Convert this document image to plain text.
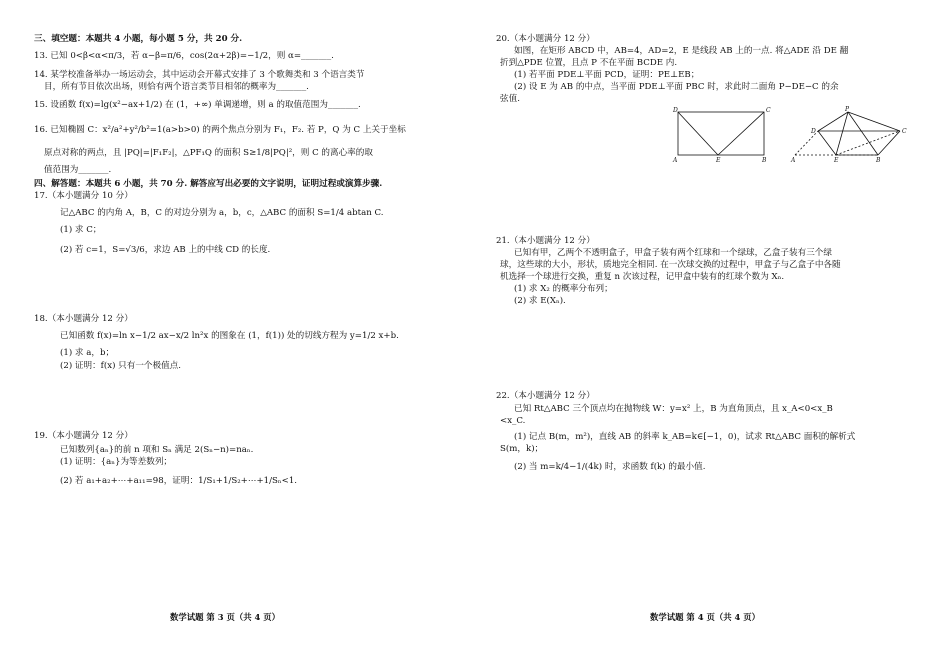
三、填空题：本题共 4 小题，每小题 5 分，共 20 分.
13. 已知 0<β<α<π/3，若 α−β=π/6，cos(2α+2β)=−1/2，则 α=_______.
14. 某学校准备举办一场运动会，其中运动会开幕式安排了 3 个歌舞类和 3 个语言类节
目，所有节目依次出场，则恰有两个语言类节目相邻的概率为_______.
15. 设函数 f(x)=lg(x²−ax+1/2) 在 (1，+∞) 单调递增，则 a 的取值范围为_______.
16. 已知椭圆 C：x²/a²+y²/b²=1(a>b>0) 的两个焦点分别为 F₁，F₂. 若 P，Q 为 C 上关于坐标
原点对称的两点，且 |PQ|=|F₁F₂|，△PF₁Q 的面积 S≥1/8|PQ|²，则 C 的离心率的取
值范围为_______.
四、解答题：本题共 6 小题，共 70 分. 解答应写出必要的文字说明，证明过程或演算步骤.
17.（本小题满分 10 分）
记△ABC 的内角 A，B，C 的对边分别为 a，b，c，△ABC 的面积 S=1/4 abtan C.
(1) 求 C；
(2) 若 c=1，S=√3/6，求边 AB 上的中线 CD 的长度.
18.（本小题满分 12 分）
已知函数 f(x)=ln x−1/2 ax−x/2 ln²x 的图象在 (1，f(1)) 处的切线方程为 y=1/2 x+b.
(1) 求 a，b；
(2) 证明：f(x) 只有一个极值点.
19.（本小题满分 12 分）
已知数列{aₙ}的前 n 项和 Sₙ 满足 2(Sₙ−n)=naₙ.
(1) 证明：{aₙ}为等差数列；
(2) 若 a₁+a₂+⋯+a₁₁=98，证明：1/S₁+1/S₂+⋯+1/Sₙ<1.
数学试题 第 3 页（共 4 页）
20.（本小题满分 12 分）
如图，在矩形 ABCD 中，AB=4，AD=2，E 是线段 AB 上的一点. 将△ADE 沿 DE 翻
折到△PDE 位置，且点 P 不在平面 BCDE 内.
(1) 若平面 PDE⊥平面 PCD，证明：PE⊥EB；
(2) 设 E 为 AB 的中点，当平面 PDE⊥平面 PBC 时，求此时二面角 P−DE−C 的余
弦值.
D	C
A	E	B
P
D	C
A	E	B
21.（本小题满分 12 分）
已知有甲，乙两个不透明盒子，甲盒子装有两个红球和一个绿球，乙盒子装有三个绿
球，这些球的大小，形状，质地完全相同. 在一次球交换的过程中，甲盒子与乙盒子中各随
机选择一个球进行交换，重复 n 次该过程，记甲盒中装有的红球个数为 Xₙ.
(1) 求 X₂ 的概率分布列；
(2) 求 E(Xₙ).
22.（本小题满分 12 分）
已知 Rt△ABC 三个顶点均在抛物线 W：y=x² 上，B 为直角顶点，且 x_A<0<x_B
<x_C.
(1) 记点 B(m，m²)，直线 AB 的斜率 k_AB=k∈[−1，0)，试求 Rt△ABC 面积的解析式
S(m，k)；
(2) 当 m=k/4−1/(4k) 时，求函数 f(k) 的最小值.
数学试题 第 4 页（共 4 页）
